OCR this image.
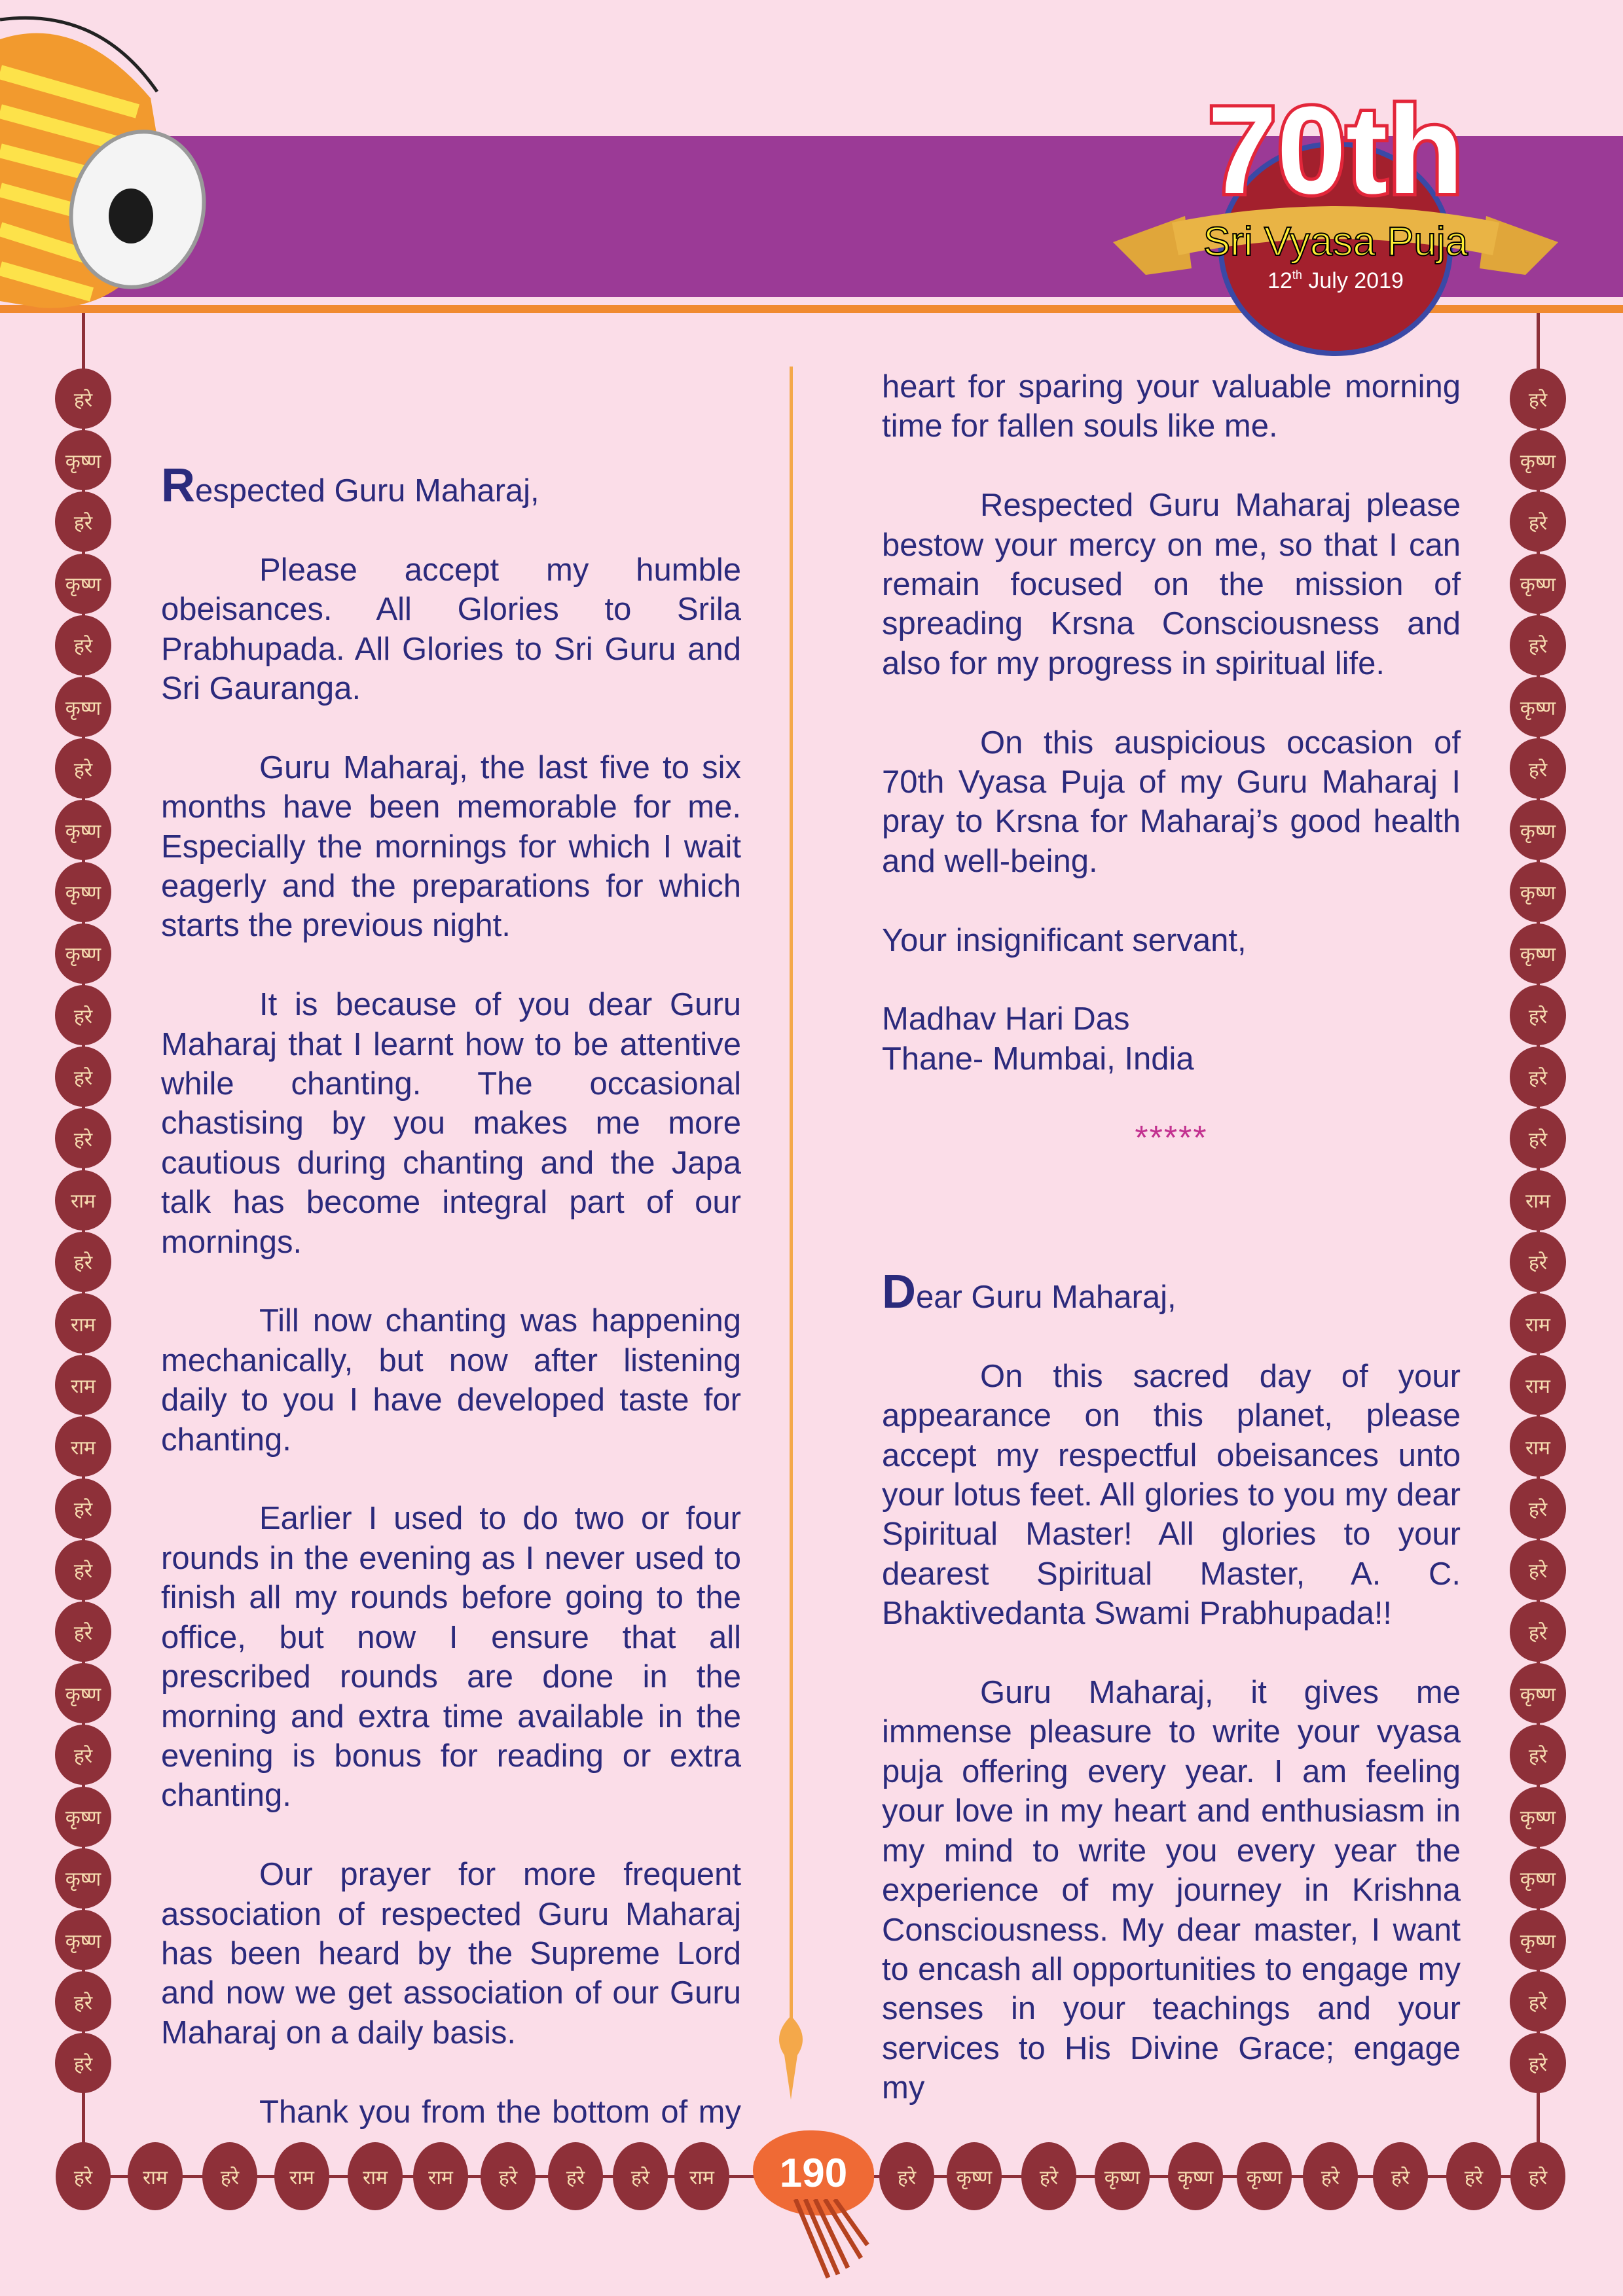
70th
Sri Vyasa Puja
12th July 2019
हरे
कृष्ण
हरे
कृष्ण
हरे
कृष्ण
हरे
कृष्ण
कृष्ण
कृष्ण
हरे
हरे
हरे
राम
हरे
राम
राम
राम
हरे
हरे
हरे
कृष्ण
हरे
कृष्ण
कृष्ण
कृष्ण
हरे
हरे
हरे
कृष्ण
हरे
कृष्ण
हरे
कृष्ण
हरे
कृष्ण
कृष्ण
कृष्ण
हरे
हरे
हरे
राम
हरे
राम
राम
राम
हरे
हरे
हरे
कृष्ण
हरे
कृष्ण
कृष्ण
कृष्ण
हरे
हरे
हरे	राम	हरे	राम	राम	राम	हरे	हरे	हरे	राम	हरे	कृष्ण	हरे	कृष्ण	कृष्ण	कृष्ण	हरे	हरे	हरे	हरे
190
Respected Guru Maharaj,

Please accept my humble obeisances. All Glories to Srila Prabhupada. All Glories to Sri Guru and Sri Gauranga.

Guru Maharaj, the last five to six months have been memorable for me. Especially the mornings for which I wait eagerly and the preparations for which starts the previous night.

It is because of you dear Guru Maharaj that I learnt how to be attentive while chanting. The occasional chastising by you makes me more cautious during chanting and the Japa talk has become integral part of our mornings.

Till now chanting was happening mechanically, but now after listening daily to you I have developed taste for chanting.

Earlier I used to do two or four rounds in the evening as I never used to finish all my rounds before going to the office, but now I ensure that all prescribed rounds are done in the morning and extra time available in the evening is bonus for reading or extra chanting.

Our prayer for more frequent association of respected Guru Maharaj has been heard by the Supreme Lord and now we get association of our Guru Maharaj on a daily basis.

Thank you from the bottom of my

heart for sparing your valuable morning time for fallen souls like me.

Respected Guru Maharaj please bestow your mercy on me, so that I can remain focused on the mission of spreading Krsna Consciousness and also for my progress in spiritual life.

On this auspicious occasion of 70th Vyasa Puja of my Guru Maharaj I pray to Krsna for Maharaj’s good health and well-being.

Your insignificant servant,

Madhav Hari Das

Thane- Mumbai, India

*****
Dear Guru Maharaj,

On this sacred day of your appearance on this planet, please accept my respectful obeisances unto your lotus feet. All glories to you my dear Spiritual Master! All glories to your dearest Spiritual Master, A. C. Bhaktivedanta Swami Prabhupada!!

Guru Maharaj, it gives me immense pleasure to write your vyasa puja offering every year. I am feeling your love in my heart and enthusiasm in my mind to write you every year the experience of my journey in Krishna Consciousness. My dear master, I want to encash all opportunities to engage my senses in your teachings and your services to His Divine Grace; engage my
